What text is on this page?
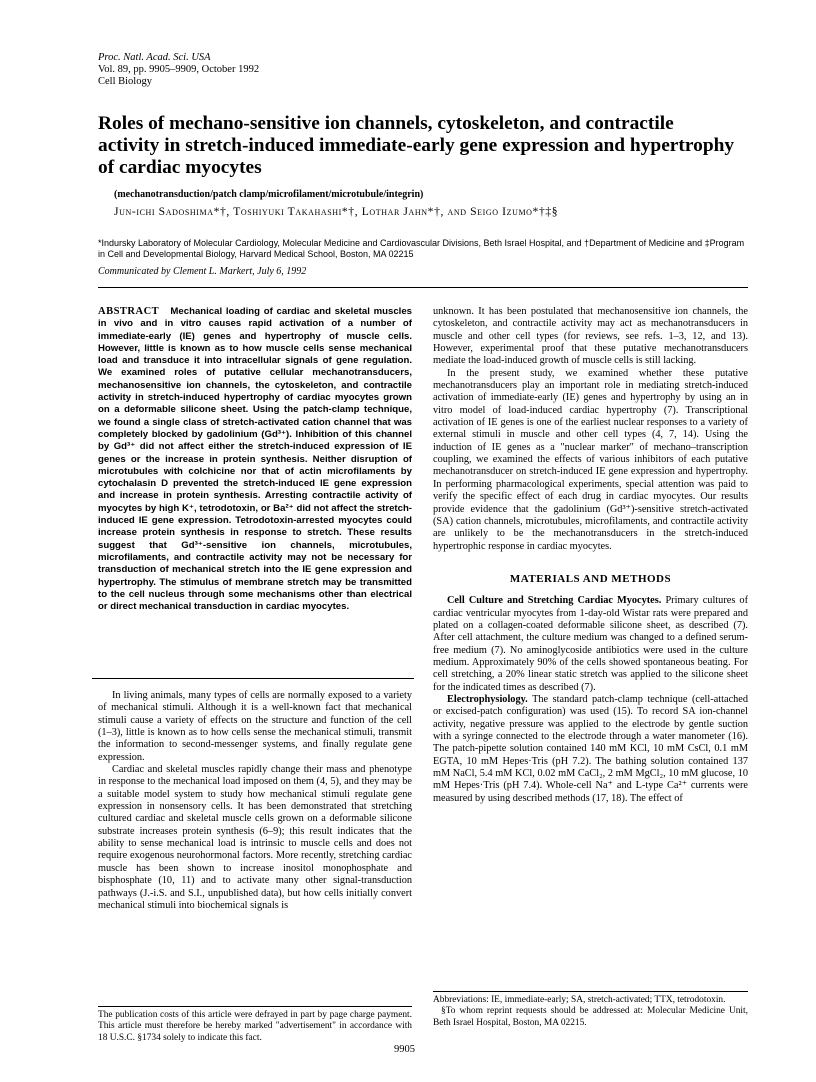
Proc. Natl. Acad. Sci. USA
Vol. 89, pp. 9905–9909, October 1992
Cell Biology
Roles of mechano-sensitive ion channels, cytoskeleton, and contractile activity in stretch-induced immediate-early gene expression and hypertrophy of cardiac myocytes
(mechanotransduction/patch clamp/microfilament/microtubule/integrin)
Jun-ichi Sadoshima*†, Toshiyuki Takahashi*†, Lothar Jahn*†, and Seigo Izumo*†‡§
*Indursky Laboratory of Molecular Cardiology, Molecular Medicine and Cardiovascular Divisions, Beth Israel Hospital, and †Department of Medicine and ‡Program in Cell and Developmental Biology, Harvard Medical School, Boston, MA 02215
Communicated by Clement L. Markert, July 6, 1992
ABSTRACT Mechanical loading of cardiac and skeletal muscles in vivo and in vitro causes rapid activation of a number of immediate-early (IE) genes and hypertrophy of muscle cells. However, little is known as to how muscle cells sense mechanical load and transduce it into intracellular signals of gene regulation. We examined roles of putative cellular mechanotransducers, mechanosensitive ion channels, the cytoskeleton, and contractile activity in stretch-induced hypertrophy of cardiac myocytes grown on a deformable silicone sheet. Using the patch-clamp technique, we found a single class of stretch-activated cation channel that was completely blocked by gadolinium (Gd³⁺). Inhibition of this channel by Gd³⁺ did not affect either the stretch-induced expression of IE genes or the increase in protein synthesis. Neither disruption of microtubules with colchicine nor that of actin microfilaments by cytochalasin D prevented the stretch-induced IE gene expression and increase in protein synthesis. Arresting contractile activity of myocytes by high K⁺, tetrodotoxin, or Ba²⁺ did not affect the stretch-induced IE gene expression. Tetrodotoxin-arrested myocytes could increase protein synthesis in response to stretch. These results suggest that Gd³⁺-sensitive ion channels, microtubules, microfilaments, and contractile activity may not be necessary for transduction of mechanical stretch into the IE gene expression and hypertrophy. The stimulus of membrane stretch may be transmitted to the cell nucleus through some mechanisms other than electrical or direct mechanical transduction in cardiac myocytes.

In living animals, many types of cells are normally exposed to a variety of mechanical stimuli. Although it is a well-known fact that mechanical stimuli cause a variety of effects on the structure and function of the cell (1–3), little is known as to how cells sense the mechanical stimuli, transmit the information to second-messenger systems, and finally regulate gene expression.

Cardiac and skeletal muscles rapidly change their mass and phenotype in response to the mechanical load imposed on them (4, 5), and they may be a suitable model system to study how mechanical stimuli regulate gene expression in nonsensory cells. It has been demonstrated that stretching cultured cardiac and skeletal muscle cells grown on a deformable silicone substrate increases protein synthesis (6–9); this result indicates that the ability to sense mechanical load is intrinsic to muscle cells and does not require exogenous neurohormonal factors. More recently, stretching cardiac muscle has been shown to increase inositol monophosphate and bisphosphate (10, 11) and to activate many other signal-transduction pathways (J.-i.S. and S.I., unpublished data), but how cells initially convert mechanical stimuli into biochemical signals is

The publication costs of this article were defrayed in part by page charge payment. This article must therefore be hereby marked "advertisement" in accordance with 18 U.S.C. §1734 solely to indicate this fact.

unknown. It has been postulated that mechanosensitive ion channels, the cytoskeleton, and contractile activity may act as mechanotransducers in muscle and other cell types (for reviews, see refs. 1–3, 12, and 13). However, experimental proof that these putative mechanotransducers mediate the load-induced growth of muscle cells is still lacking.

In the present study, we examined whether these putative mechanotransducers play an important role in mediating stretch-induced activation of immediate-early (IE) genes and hypertrophy by using an in vitro model of load-induced cardiac hypertrophy (7). Transcriptional activation of IE genes is one of the earliest nuclear responses to a variety of external stimuli in muscle and other cell types (4, 7, 14). Using the induction of IE genes as a "nuclear marker" of mechano–transcription coupling, we examined the effects of various inhibitors of each putative mechanotransducer on stretch-induced IE gene expression and hypertrophy. In performing pharmacological experiments, special attention was paid to verify the specific effect of each drug in cardiac myocytes. Our results provide evidence that the gadolinium (Gd³⁺)-sensitive stretch-activated (SA) cation channels, microtubules, microfilaments, and contractile activity are unlikely to be the mechanotransducers in the stretch-induced hypertrophic response in cardiac myocytes.

MATERIALS AND METHODS

Cell Culture and Stretching Cardiac Myocytes. Primary cultures of cardiac ventricular myocytes from 1-day-old Wistar rats were prepared and plated on a collagen-coated deformable silicone sheet, as described (7). After cell attachment, the culture medium was changed to a defined serum-free medium (7). No aminoglycoside antibiotics were used in the culture medium. Approximately 90% of the cells showed spontaneous beating. For cell stretching, a 20% linear static stretch was applied to the silicone sheet for the indicated times as described (7).

Electrophysiology. The standard patch-clamp technique (cell-attached or excised-patch configuration) was used (15). To record SA ion-channel activity, negative pressure was applied to the electrode by gentle suction with a syringe connected to the electrode through a water manometer (16). The patch-pipette solution contained 140 mM KCl, 10 mM CsCl, 0.1 mM EGTA, 10 mM Hepes·Tris (pH 7.2). The bathing solution contained 137 mM NaCl, 5.4 mM KCl, 0.02 mM CaCl₂, 2 mM MgCl₂, 10 mM glucose, 10 mM Hepes·Tris (pH 7.4). Whole-cell Na⁺ and L-type Ca²⁺ currents were measured by using described methods (17, 18). The effect of

Abbreviations: IE, immediate-early; SA, stretch-activated; TTX, tetrodotoxin.
§To whom reprint requests should be addressed at: Molecular Medicine Unit, Beth Israel Hospital, Boston, MA 02215.
9905
